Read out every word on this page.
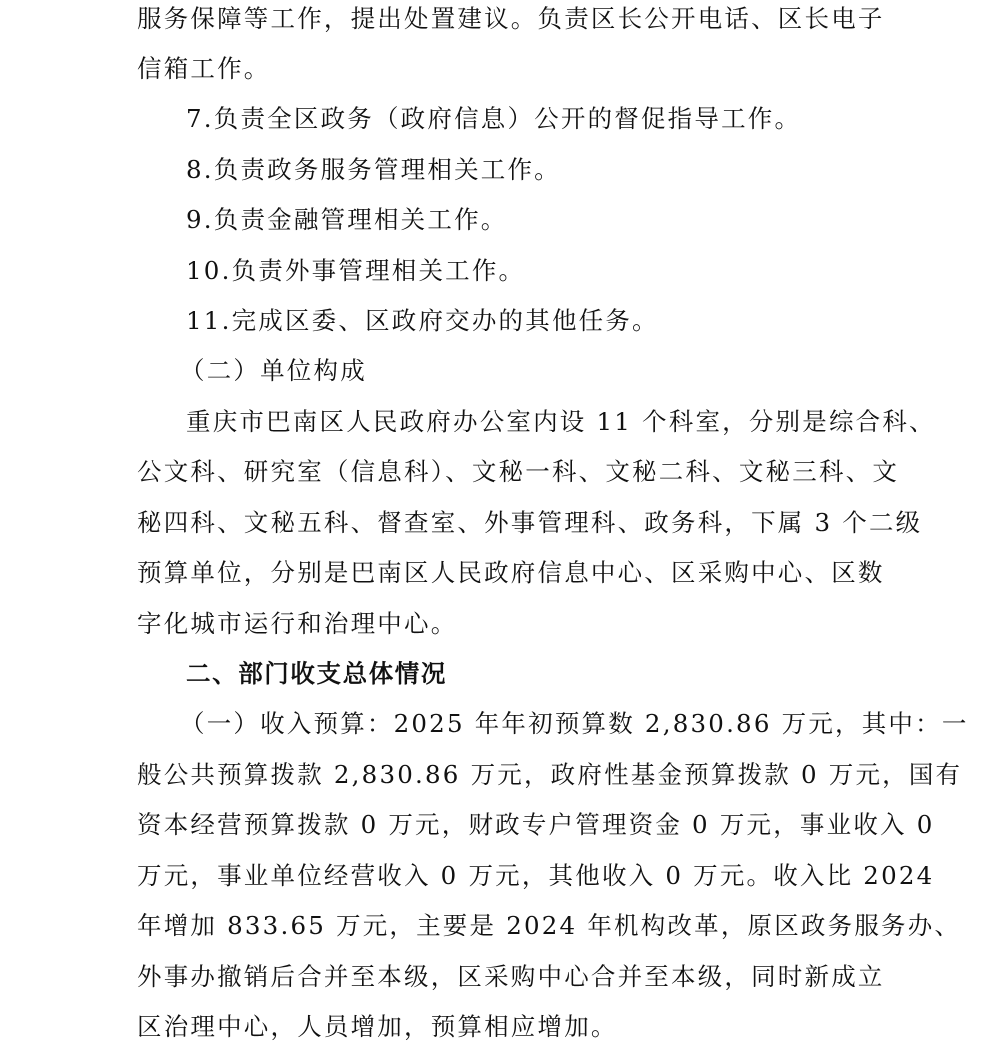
服务保障等工作，提出处置建议。负责区长公开电话、区长电子
信箱工作。
7.负责全区政务（政府信息）公开的督促指导工作。
8.负责政务服务管理相关工作。
9.负责金融管理相关工作。
10.负责外事管理相关工作。
11.完成区委、区政府交办的其他任务。
（二）单位构成
重庆市巴南区人民政府办公室内设 11 个科室，分别是综合科、
公文科、研究室（信息科）、文秘一科、文秘二科、文秘三科、文
秘四科、文秘五科、督查室、外事管理科、政务科，下属 3 个二级
预算单位，分别是巴南区人民政府信息中心、区采购中心、区数
字化城市运行和治理中心。
二、部门收支总体情况
（一）收入预算：2025 年年初预算数 2,830.86 万元，其中：一
般公共预算拨款 2,830.86 万元，政府性基金预算拨款 0 万元，国有
资本经营预算拨款 0 万元，财政专户管理资金 0 万元，事业收入 0
万元，事业单位经营收入 0 万元，其他收入 0 万元。收入比 2024
年增加 833.65 万元，主要是 2024 年机构改革，原区政务服务办、
外事办撤销后合并至本级，区采购中心合并至本级，同时新成立
区治理中心，人员增加，预算相应增加。
